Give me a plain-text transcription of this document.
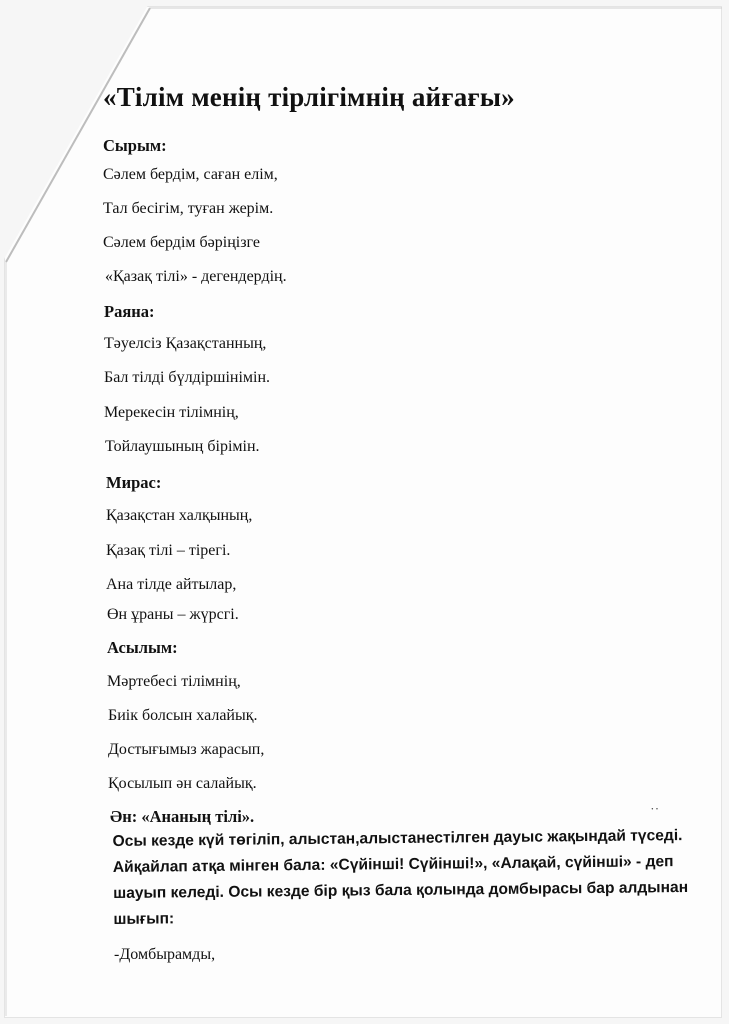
«Тілім менің тірлігімнің айғағы»
Сырым:
Сәлем бердім, саған елім,
Тал бесігім, туған жерім.
Сәлем бердім бәріңізге
«Қазақ тілі» - дегендердің.
Раяна:
Тәуелсіз Қазақстанның,
Бал тілді бүлдіршінімін.
Мерекесін тілімнің,
Тойлаушының бірімін.
Мирас:
Қазақстан халқының,
Қазақ тілі – тірегі.
Ана тілде айтылар,
Өн ұраны – жүрсгі.
Асылым:
Мәртебесі тілімнің,
Биік болсын халайық.
Достығымыз жарасып,
Қосылып ән салайық.
Ән: «Ананың тілі».	˙˙
Осы кезде күй төгіліп, алыстан,алыстанестілген дауыс жақындай түседі. Айқайлап атқа мінген бала: «Сүйінші! Сүйінші!», «Алақай, сүйінші» - деп шауып келеді. Осы кезде бір қыз бала қолында домбырасы бар алдынан шығып:
-Домбырамды,
